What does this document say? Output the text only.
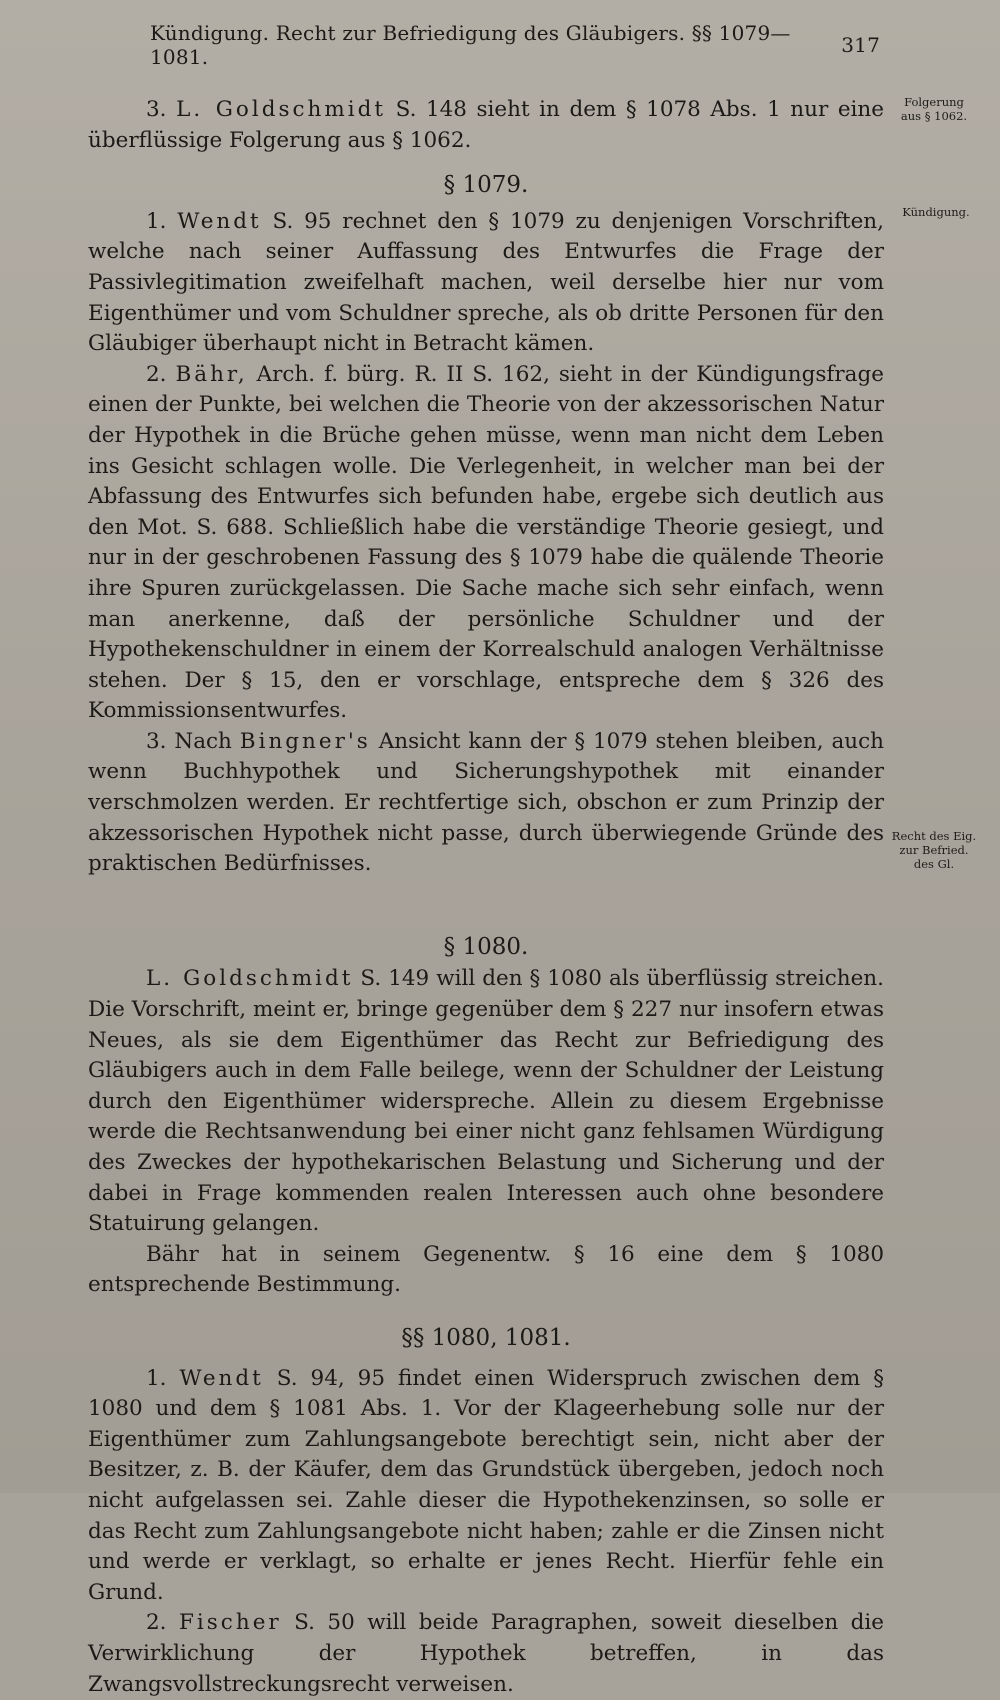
Kündigung. Recht zur Befriedigung des Gläubigers. §§ 1079—1081.	317
Folgerung
aus § 1062.
Kündigung.
Recht des Eig.
zur Befried.
des Gl.

3. L. Goldschmidt S. 148 sieht in dem § 1078 Abs. 1 nur eine überflüssige Folgerung aus § 1062.

§ 1079.

1. Wendt S. 95 rechnet den § 1079 zu denjenigen Vorschriften, welche nach seiner Auffassung des Entwurfes die Frage der Passivlegitimation zweifelhaft machen, weil derselbe hier nur vom Eigenthümer und vom Schuldner spreche, als ob dritte Personen für den Gläubiger überhaupt nicht in Betracht kämen.

2. Bähr, Arch. f. bürg. R. II S. 162, sieht in der Kündigungsfrage einen der Punkte, bei welchen die Theorie von der akzessorischen Natur der Hypothek in die Brüche gehen müsse, wenn man nicht dem Leben ins Gesicht schlagen wolle. Die Verlegenheit, in welcher man bei der Abfassung des Entwurfes sich befunden habe, ergebe sich deutlich aus den Mot. S. 688. Schließlich habe die verständige Theorie gesiegt, und nur in der geschrobenen Fassung des § 1079 habe die quälende Theorie ihre Spuren zurückgelassen. Die Sache mache sich sehr einfach, wenn man anerkenne, daß der persönliche Schuldner und der Hypothekenschuldner in einem der Korrealschuld analogen Verhältnisse stehen. Der § 15, den er vorschlage, entspreche dem § 326 des Kommissionsentwurfes.

3. Nach Bingner's Ansicht kann der § 1079 stehen bleiben, auch wenn Buchhypothek und Sicherungshypothek mit einander verschmolzen werden. Er rechtfertige sich, obschon er zum Prinzip der akzessorischen Hypothek nicht passe, durch überwiegende Gründe des praktischen Bedürfnisses.

§ 1080.

L. Goldschmidt S. 149 will den § 1080 als überflüssig streichen. Die Vorschrift, meint er, bringe gegenüber dem § 227 nur insofern etwas Neues, als sie dem Eigenthümer das Recht zur Befriedigung des Gläubigers auch in dem Falle beilege, wenn der Schuldner der Leistung durch den Eigenthümer widerspreche. Allein zu diesem Ergebnisse werde die Rechtsanwendung bei einer nicht ganz fehlsamen Würdigung des Zweckes der hypothekarischen Belastung und Sicherung und der dabei in Frage kommenden realen Interessen auch ohne besondere Statuirung gelangen.

Bähr hat in seinem Gegenentw. § 16 eine dem § 1080 entsprechende Bestimmung.

§§ 1080, 1081.

1. Wendt S. 94, 95 findet einen Widerspruch zwischen dem § 1080 und dem § 1081 Abs. 1. Vor der Klageerhebung solle nur der Eigenthümer zum Zahlungsangebote berechtigt sein, nicht aber der Besitzer, z. B. der Käufer, dem das Grundstück übergeben, jedoch noch nicht aufgelassen sei. Zahle dieser die Hypothekenzinsen, so solle er das Recht zum Zahlungsangebote nicht haben; zahle er die Zinsen nicht und werde er verklagt, so erhalte er jenes Recht. Hierfür fehle ein Grund.

2. Fischer S. 50 will beide Paragraphen, soweit dieselben die Verwirklichung der Hypothek betreffen, in das Zwangsvollstreckungsrecht verweisen.
